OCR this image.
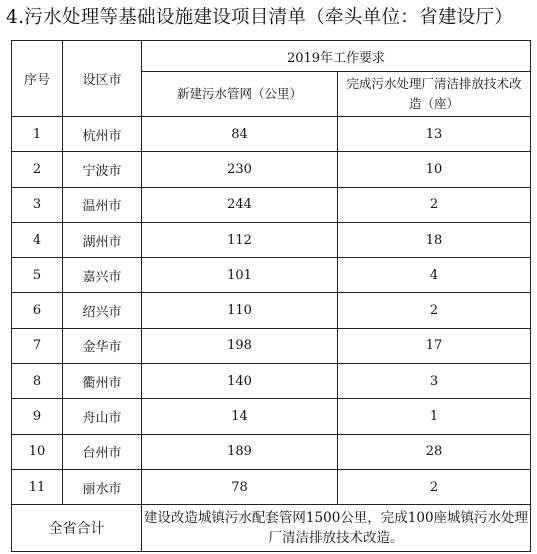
4.污水处理等基础设施建设项目清单（牵头单位：省建设厅）
序号	设区市	2019年工作要求	
		新建污水管网（公里）	完成污水处理厂清洁排放技术改造（座）
1	杭州市	84	13
2	宁波市	230	10
3	温州市	244	2
4	湖州市	112	18
5	嘉兴市	101	4
6	绍兴市	110	2
7	金华市	198	17
8	衢州市	140	3
9	舟山市	14	1
10	台州市	189	28
11	丽水市	78	2
全省合计		建设改造城镇污水配套管网1500公里，完成100座城镇污水处理厂清洁排放技术改造。	
